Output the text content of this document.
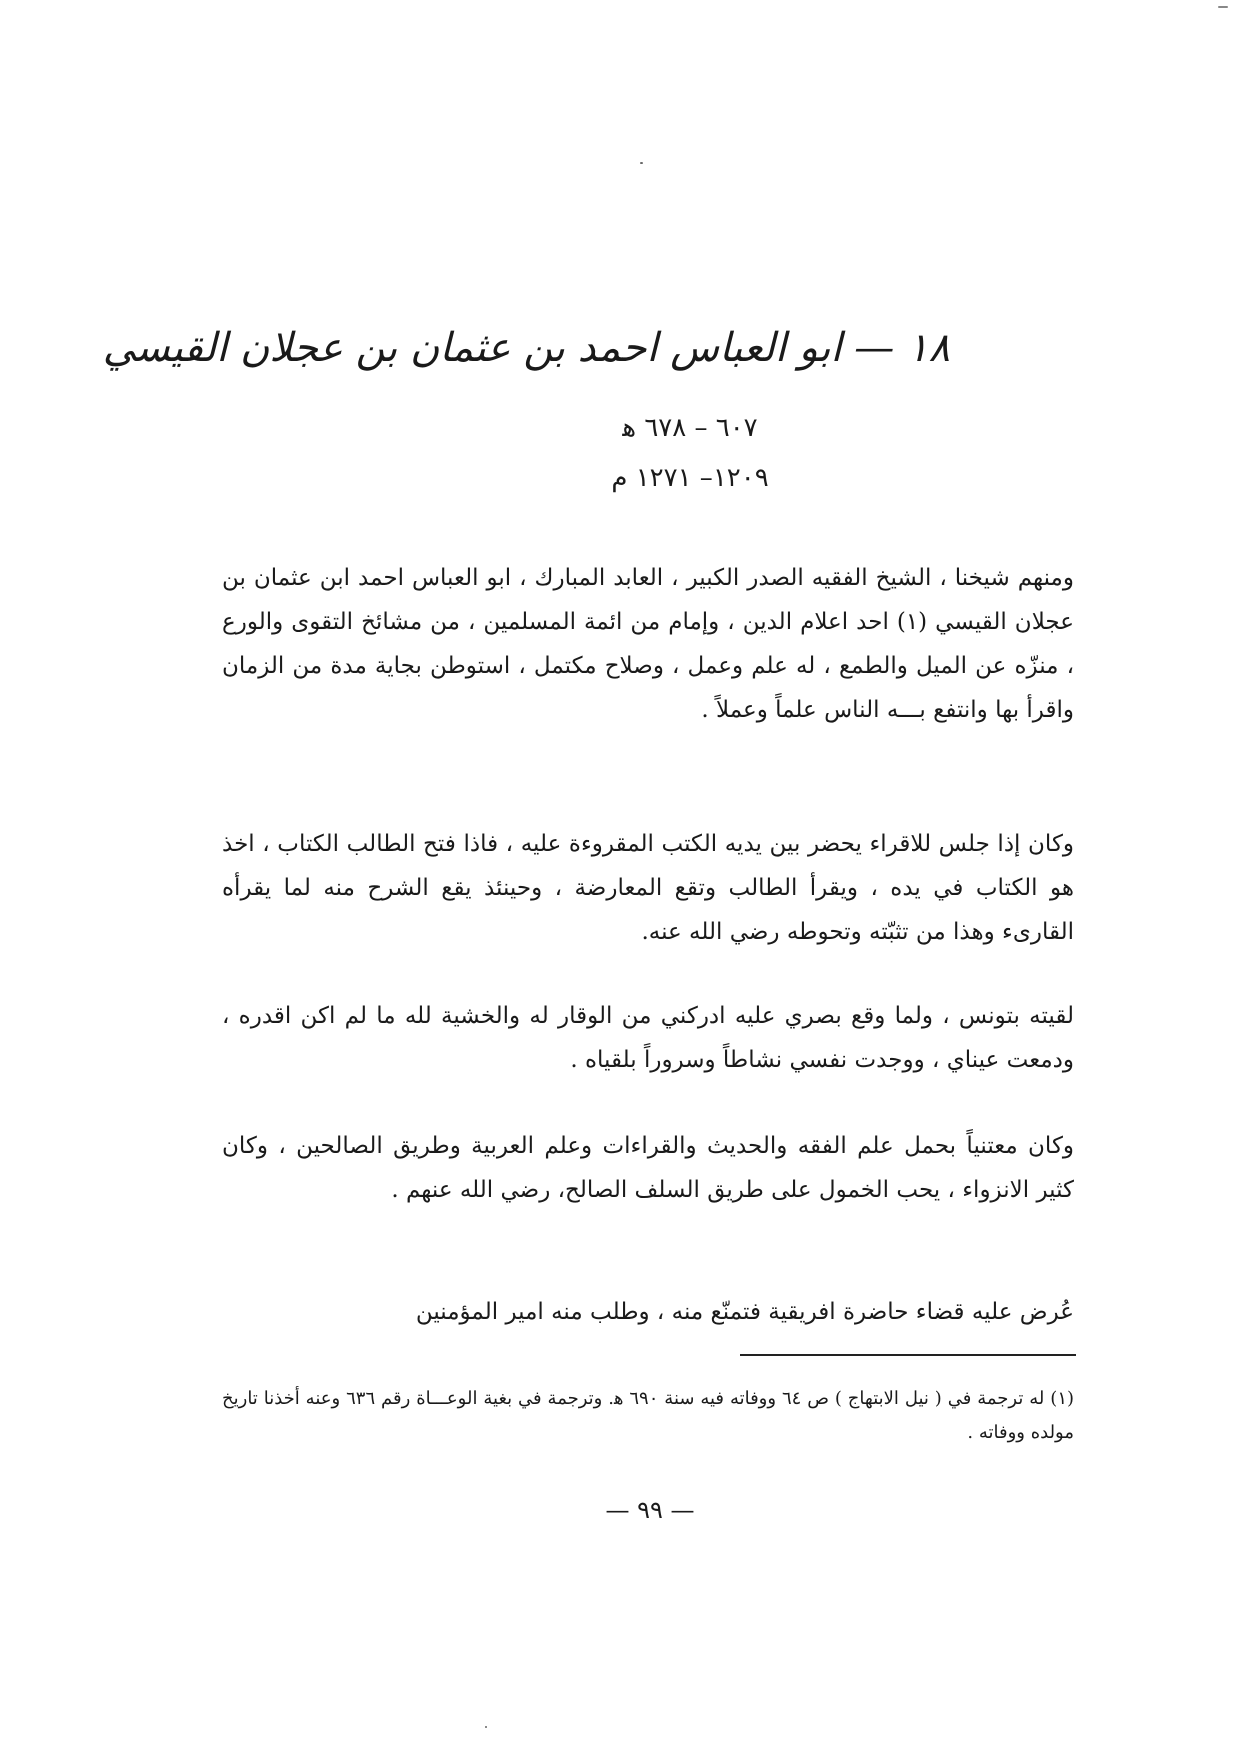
١٨ — ابو العباس احمد بن عثمان بن عجلان القيسي
٦٠٧ – ٦٧٨ ﻫ
١٢٠٩– ١٢٧١ م

ومنهم شيخنا ، الشيخ الفقيه الصدر الكبير ، العابد المبارك ، ابو العباس احمد ابن عثمان بن عجلان القيسي (١) احد اعلام الدين ، وإمام من ائمة المسلمين ، من مشائخ التقوى والورع ، منزّه عن الميل والطمع ، له علم وعمل ، وصلاح مكتمل ، استوطن بجاية مدة من الزمان واقرأ بها وانتفع بـــه الناس علماً وعملاً .

وكان إذا جلس للاقراء يحضر بين يديه الكتب المقروءة عليه ، فاذا فتح الطالب الكتاب ، اخذ هو الكتاب في يده ، ويقرأ الطالب وتقع المعارضة ، وحينئذ يقع الشرح منه لما يقرأه القارىء وهذا من تثبّته وتحوطه رضي الله عنه.

لقيته بتونس ، ولما وقع بصري عليه ادركني من الوقار له والخشية لله ما لم اكن اقدره ، ودمعت عيناي ، ووجدت نفسي نشاطاً وسروراً بلقياه .

وكان معتنياً بحمل علم الفقه والحديث والقراءات وعلم العربية وطريق الصالحين ، وكان كثير الانزواء ، يحب الخمول على طريق السلف الصالح، رضي الله عنهم .

عُرض عليه قضاء حاضرة افريقية فتمنّع منه ، وطلب منه امير المؤمنين

(١) له ترجمة في ( نيل الابتهاج ) ص ٦٤ ووفاته فيه سنة ٦٩٠ ﻫ. وترجمة في بغية الوعـــاة رقم ٦٣٦ وعنه أخذنا تاريخ مولده ووفاته .

— ٩٩ —
